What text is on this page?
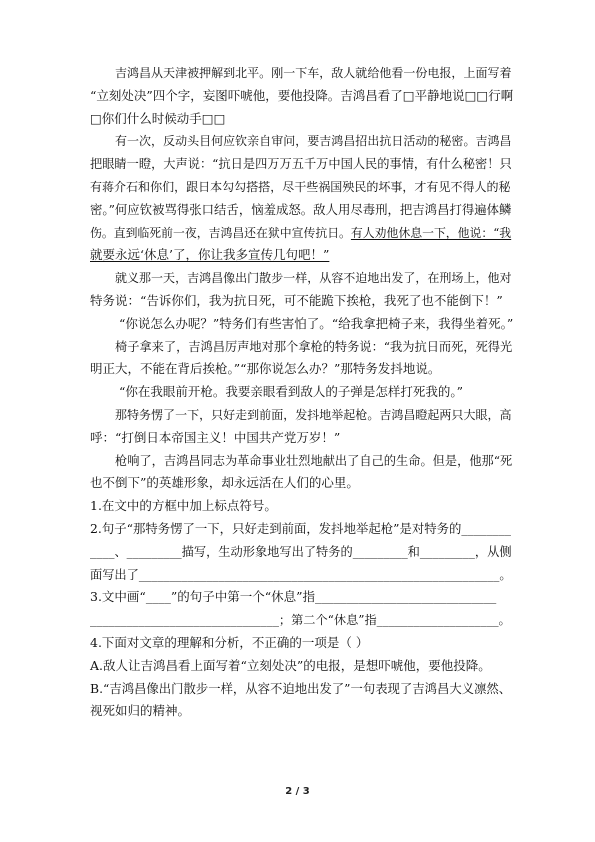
吉鸿昌从天津被押解到北平。刚一下车，敌人就给他看一份电报，上面写着
“立刻处决”四个字，妄图吓唬他，要他投降。吉鸿昌看了□平静地说□□行啊
□你们什么时候动手□□
有一次，反动头目何应钦亲自审问，要吉鸿昌招出抗日活动的秘密。吉鸿昌
把眼睛一瞪，大声说：“抗日是四万万五千万中国人民的事情，有什么秘密！只
有蒋介石和你们，跟日本勾勾搭搭，尽干些祸国殃民的坏事，才有见不得人的秘
密。”何应钦被骂得张口结舌，恼羞成怒。敌人用尽毒刑，把吉鸿昌打得遍体鳞
伤。直到临死前一夜，吉鸿昌还在狱中宣传抗日。有人劝他休息一下，他说：“我
就要永远‘休息’了，你让我多宣传几句吧！”
就义那一天，吉鸿昌像出门散步一样，从容不迫地出发了，在刑场上，他对
特务说：“告诉你们，我为抗日死，可不能跪下挨枪，我死了也不能倒下！”
“你说怎么办呢？”特务们有些害怕了。“给我拿把椅子来，我得坐着死。”
椅子拿来了，吉鸿昌厉声地对那个拿枪的特务说：“我为抗日而死，死得光
明正大，不能在背后挨枪。”“那你说怎么办？”那特务发抖地说。
“你在我眼前开枪。我要亲眼看到敌人的子弹是怎样打死我的。”
那特务愣了一下，只好走到前面，发抖地举起枪。吉鸿昌瞪起两只大眼，高
呼：“打倒日本帝国主义！中国共产党万岁！”
枪响了，吉鸿昌同志为革命事业壮烈地献出了自己的生命。但是，他那“死
也不倒下”的英雄形象，却永远活在人们的心里。
1.在文中的方框中加上标点符号。
2.句子“那特务愣了一下，只好走到前面，发抖地举起枪”是对特务的________
____、_________描写，生动形象地写出了特务的_________和_________，从侧
面写出了___________________________________________________________。
3.文中画“____”的句子中第一个“休息”指_____________________________
_______________________________；第二个“休息”指____________________。
4.下面对文章的理解和分析，不正确的一项是（ ）
A.敌人让吉鸿昌看上面写着“立刻处决”的电报，是想吓唬他，要他投降。
B.“吉鸿昌像出门散步一样，从容不迫地出发了”一句表现了吉鸿昌大义凛然、
视死如归的精神。
2 / 3
